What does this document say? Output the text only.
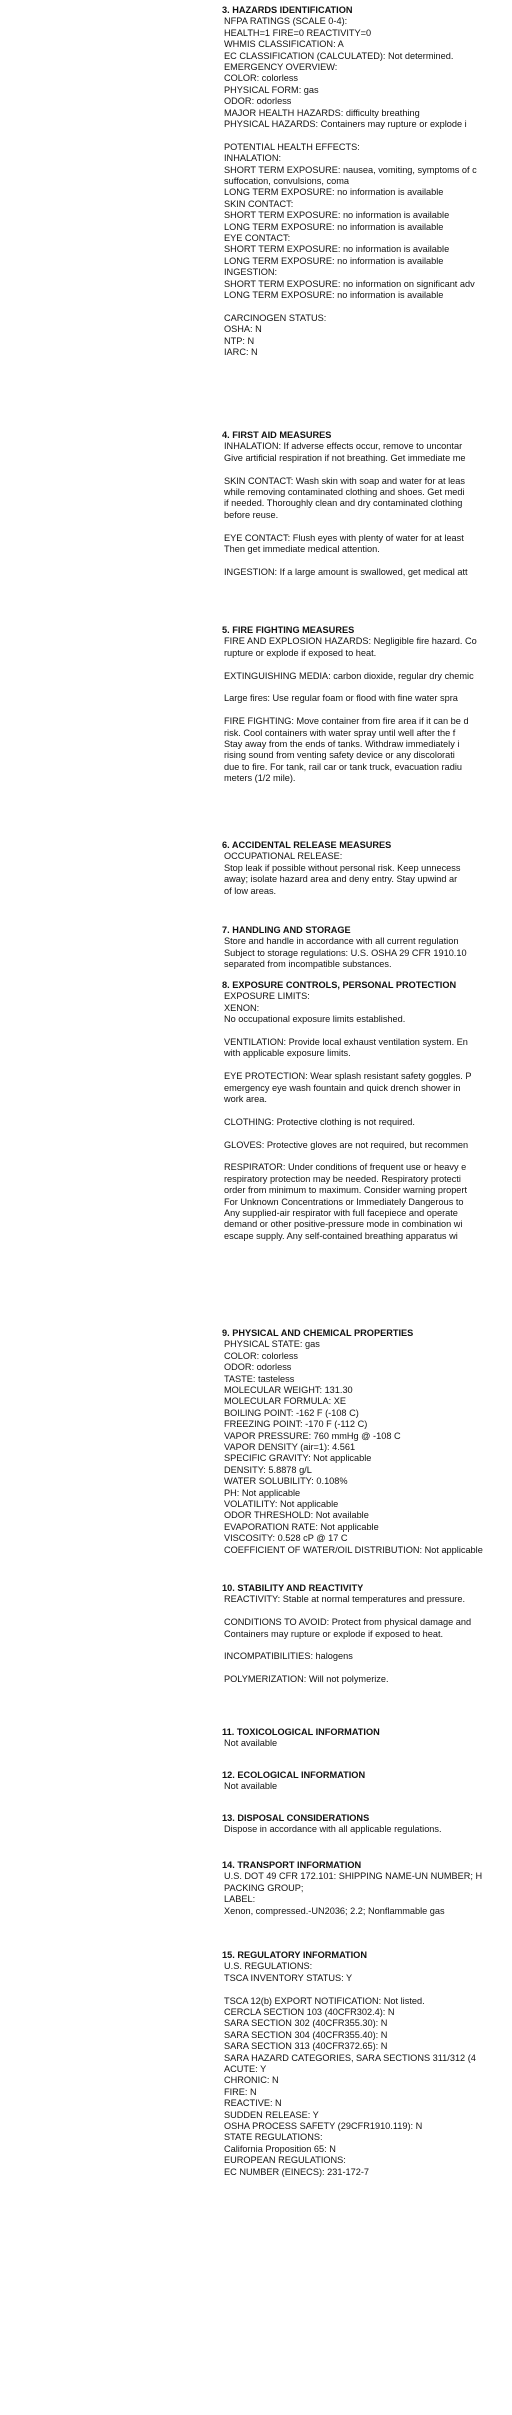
3. HAZARDS IDENTIFICATION
NFPA RATINGS (SCALE 0-4):
HEALTH=1 FIRE=0 REACTIVITY=0
WHMIS CLASSIFICATION: A
EC CLASSIFICATION (CALCULATED): Not determined.
EMERGENCY OVERVIEW:
COLOR: colorless
PHYSICAL FORM: gas
ODOR: odorless
MAJOR HEALTH HAZARDS: difficulty breathing
PHYSICAL HAZARDS: Containers may rupture or explode i
POTENTIAL HEALTH EFFECTS:
INHALATION:
SHORT TERM EXPOSURE: nausea, vomiting, symptoms of c
suffocation, convulsions, coma
LONG TERM EXPOSURE: no information is available
SKIN CONTACT:
SHORT TERM EXPOSURE: no information is available
LONG TERM EXPOSURE: no information is available
EYE CONTACT:
SHORT TERM EXPOSURE: no information is available
LONG TERM EXPOSURE: no information is available
INGESTION:
SHORT TERM EXPOSURE: no information on significant adv
LONG TERM EXPOSURE: no information is available
CARCINOGEN STATUS:
OSHA: N
NTP: N
IARC: N
4. FIRST AID MEASURES
INHALATION: If adverse effects occur, remove to uncontar
Give artificial respiration if not breathing. Get immediate me
SKIN CONTACT: Wash skin with soap and water for at leas
while removing contaminated clothing and shoes. Get medi
if needed. Thoroughly clean and dry contaminated clothing
before reuse.
EYE CONTACT: Flush eyes with plenty of water for at least
Then get immediate medical attention.
INGESTION: If a large amount is swallowed, get medical att
5. FIRE FIGHTING MEASURES
FIRE AND EXPLOSION HAZARDS: Negligible fire hazard. Co
rupture or explode if exposed to heat.
EXTINGUISHING MEDIA: carbon dioxide, regular dry chemic
Large fires: Use regular foam or flood with fine water spra
FIRE FIGHTING: Move container from fire area if it can be d
risk. Cool containers with water spray until well after the f
Stay away from the ends of tanks. Withdraw immediately i
rising sound from venting safety device or any discolorati
due to fire. For tank, rail car or tank truck, evacuation radiu
meters (1/2 mile).
6. ACCIDENTAL RELEASE MEASURES
OCCUPATIONAL RELEASE:
Stop leak if possible without personal risk. Keep unnecess
away; isolate hazard area and deny entry. Stay upwind ar
of low areas.
7. HANDLING AND STORAGE
Store and handle in accordance with all current regulation
Subject to storage regulations: U.S. OSHA 29 CFR 1910.10
separated from incompatible substances.
8. EXPOSURE CONTROLS, PERSONAL PROTECTION
EXPOSURE LIMITS:
XENON:
No occupational exposure limits established.
VENTILATION: Provide local exhaust ventilation system. En
with applicable exposure limits.
EYE PROTECTION: Wear splash resistant safety goggles. P
emergency eye wash fountain and quick drench shower in
work area.
CLOTHING: Protective clothing is not required.
GLOVES: Protective gloves are not required, but recommen
RESPIRATOR: Under conditions of frequent use or heavy e
respiratory protection may be needed. Respiratory protecti
order from minimum to maximum. Consider warning propert
For Unknown Concentrations or Immediately Dangerous to
Any supplied-air respirator with full facepiece and operate
demand or other positive-pressure mode in combination wi
escape supply. Any self-contained breathing apparatus wi
9. PHYSICAL AND CHEMICAL PROPERTIES
PHYSICAL STATE: gas
COLOR: colorless
ODOR: odorless
TASTE: tasteless
MOLECULAR WEIGHT: 131.30
MOLECULAR FORMULA: XE
BOILING POINT: -162 F (-108 C)
FREEZING POINT: -170 F (-112 C)
VAPOR PRESSURE: 760 mmHg @ -108 C
VAPOR DENSITY (air=1): 4.561
SPECIFIC GRAVITY: Not applicable
DENSITY: 5.8878 g/L
WATER SOLUBILITY: 0.108%
PH: Not applicable
VOLATILITY: Not applicable
ODOR THRESHOLD: Not available
EVAPORATION RATE: Not applicable
VISCOSITY: 0.528 cP @ 17 C
COEFFICIENT OF WATER/OIL DISTRIBUTION: Not applicable
10. STABILITY AND REACTIVITY
REACTIVITY: Stable at normal temperatures and pressure.
CONDITIONS TO AVOID: Protect from physical damage and
Containers may rupture or explode if exposed to heat.
INCOMPATIBILITIES: halogens
POLYMERIZATION: Will not polymerize.
11. TOXICOLOGICAL INFORMATION
Not available
12. ECOLOGICAL INFORMATION
Not available
13. DISPOSAL CONSIDERATIONS
Dispose in accordance with all applicable regulations.
14. TRANSPORT INFORMATION
U.S. DOT 49 CFR 172.101: SHIPPING NAME-UN NUMBER; H
PACKING GROUP;
LABEL:
Xenon, compressed.-UN2036; 2.2; Nonflammable gas
15. REGULATORY INFORMATION
U.S. REGULATIONS:
TSCA INVENTORY STATUS: Y
TSCA 12(b) EXPORT NOTIFICATION: Not listed.
CERCLA SECTION 103 (40CFR302.4): N
SARA SECTION 302 (40CFR355.30): N
SARA SECTION 304 (40CFR355.40): N
SARA SECTION 313 (40CFR372.65): N
SARA HAZARD CATEGORIES, SARA SECTIONS 311/312 (4
ACUTE: Y
CHRONIC: N
FIRE: N
REACTIVE: N
SUDDEN RELEASE: Y
OSHA PROCESS SAFETY (29CFR1910.119): N
STATE REGULATIONS:
California Proposition 65: N
EUROPEAN REGULATIONS:
EC NUMBER (EINECS): 231-172-7
